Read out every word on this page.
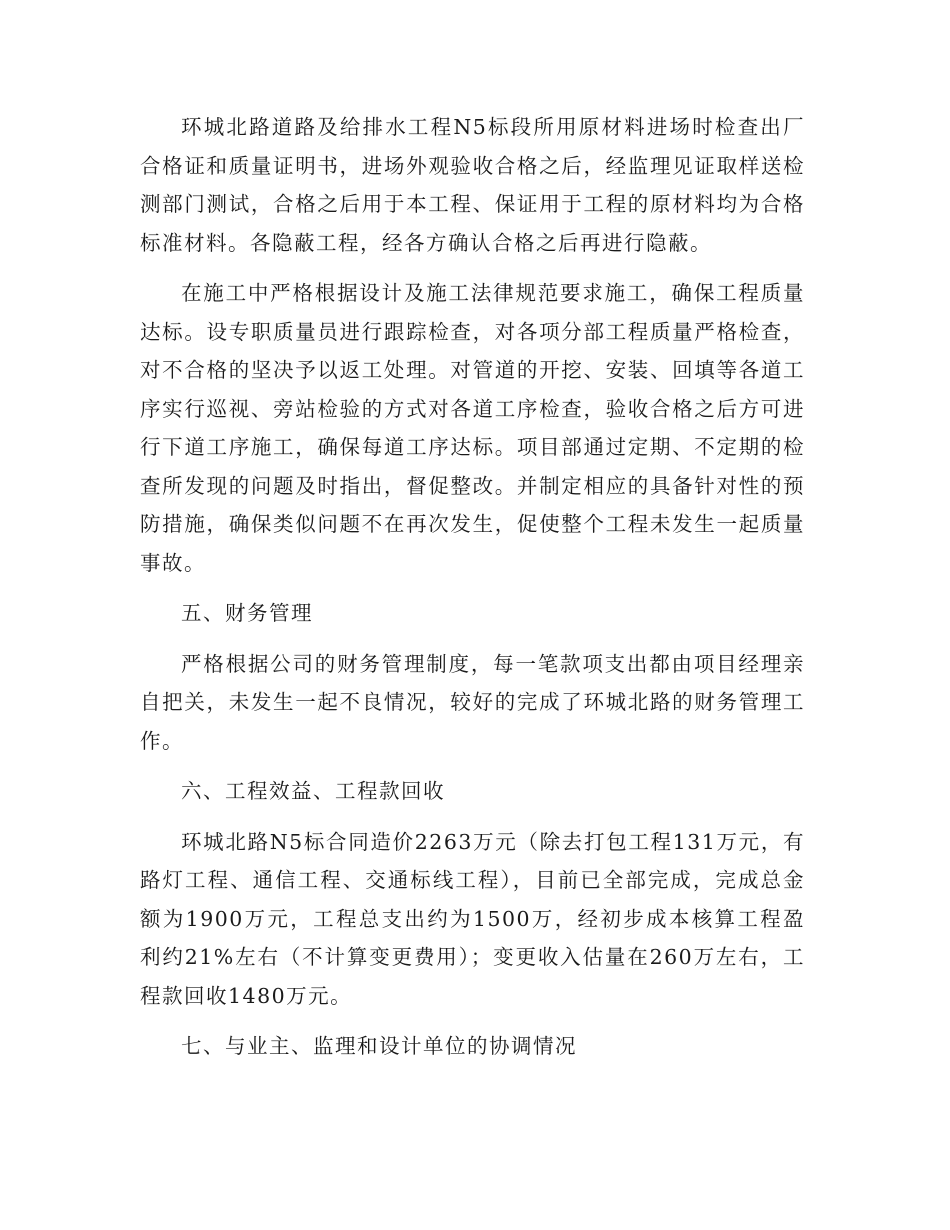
环城北路道路及给排水工程N5标段所用原材料进场时检查出厂合格证和质量证明书，进场外观验收合格之后，经监理见证取样送检测部门测试，合格之后用于本工程、保证用于工程的原材料均为合格标准材料。各隐蔽工程，经各方确认合格之后再进行隐蔽。

在施工中严格根据设计及施工法律规范要求施工，确保工程质量达标。设专职质量员进行跟踪检查，对各项分部工程质量严格检查，对不合格的坚决予以返工处理。对管道的开挖、安装、回填等各道工序实行巡视、旁站检验的方式对各道工序检查，验收合格之后方可进行下道工序施工，确保每道工序达标。项目部通过定期、不定期的检查所发现的问题及时指出，督促整改。并制定相应的具备针对性的预防措施，确保类似问题不在再次发生，促使整个工程未发生一起质量事故。

五、财务管理

严格根据公司的财务管理制度，每一笔款项支出都由项目经理亲自把关，未发生一起不良情况，较好的完成了环城北路的财务管理工作。

六、工程效益、工程款回收

环城北路N5标合同造价2263万元（除去打包工程131万元，有路灯工程、通信工程、交通标线工程），目前已全部完成，完成总金额为1900万元，工程总支出约为1500万，经初步成本核算工程盈利约21%左右（不计算变更费用）；变更收入估量在260万左右，工程款回收1480万元。

七、与业主、监理和设计单位的协调情况
